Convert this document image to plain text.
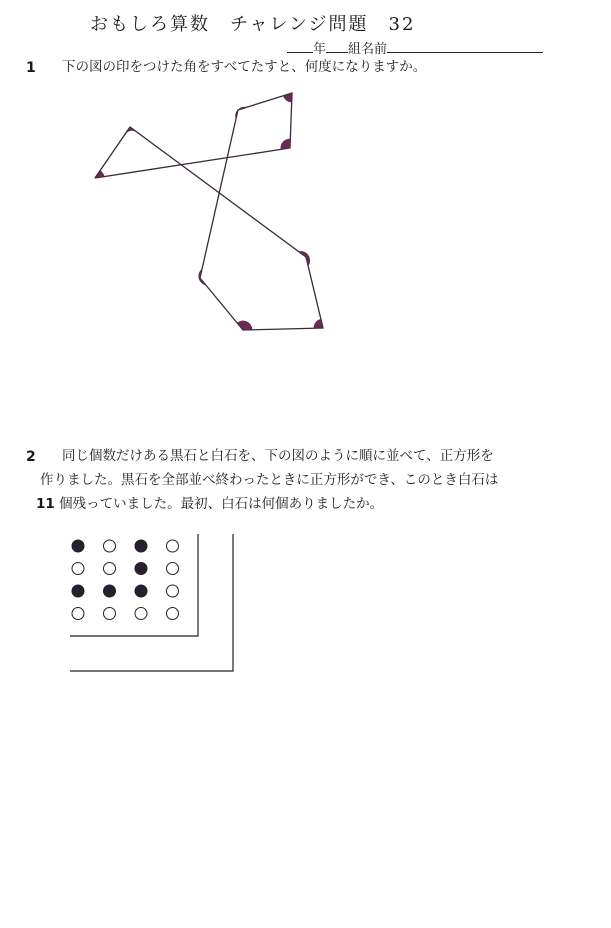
おもしろ算数　チャレンジ問題　32
年 組名前
1 下の図の印をつけた角をすべてたすと、何度になりますか。
2 同じ個数だけある黒石と白石を、下の図のように順に並べて、正方形を
作りました。黒石を全部並べ終わったときに正方形ができ、このとき白石は
11 個残っていました。最初、白石は何個ありましたか。
